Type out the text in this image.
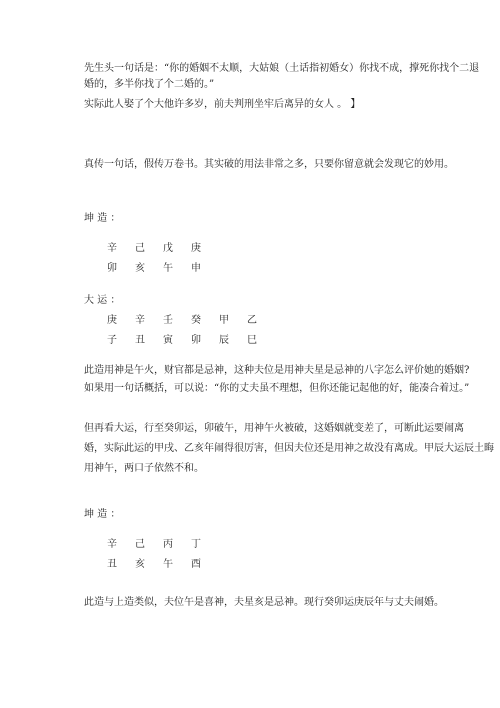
先生头一句话是：“你的婚姻不太顺，大姑娘（土话指初婚女）你找不成，撑死你找个二退
婚的，多半你找了个二婚的。”
实际此人娶了个大他许多岁，前夫判刑坐牢后离异的女人 。 】
真传一句话，假传万卷书。其实破的用法非常之多，只要你留意就会发现它的妙用。
坤 造 ：
辛 己 戊 庚
卯 亥 午 申
大 运 ：
庚 辛 壬 癸 甲 乙
子 丑 寅 卯 辰 巳
此造用神是午火，财官都是忌神，这种夫位是用神夫星是忌神的八字怎么评价她的婚姻?
如果用一句话概括，可以说：“你的丈夫虽不理想，但你还能记起他的好，能凑合着过。”
但再看大运，行至癸卯运，卯破午，用神午火被破，这婚姻就变差了，可断此运要闹离
婚，实际此运的甲戌、乙亥年闹得很厉害，但因夫位还是用神之故没有离成。甲辰大运辰土晦
用神午，两口子依然不和。
坤 造 ：
辛 己 丙 丁
丑 亥 午 酉
此造与上造类似，夫位午是喜神，夫星亥是忌神。现行癸卯运庚辰年与丈夫闹婚。
